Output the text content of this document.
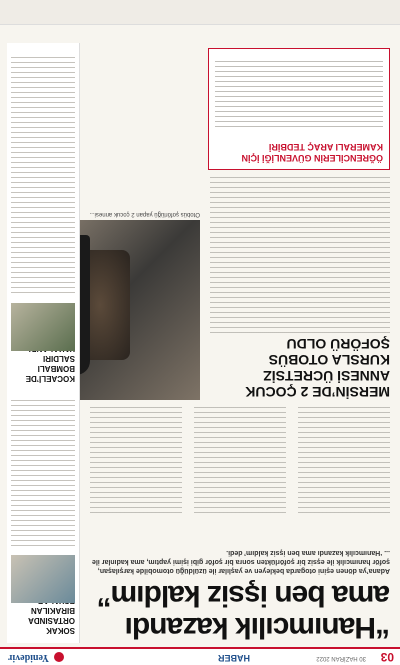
03
30 HAZİRAN 2022
HABER
Yenidevir
“Hanımcılık kazandı ama ben işsiz kaldım”
Adana’ya dönen eşini otogarda bekleyen ve yaşlılar ile üzüldüğü otomobilde karşılaşan, şoför hanımcılık ile eşsiz bir şoförlükten sonra bir şoför gibi işimi yaptım, ama kadınlar ile ... ‘Hanımcılık kazandı ama ben işsiz kaldım’ dedi.
Otobüs şoförlüğü yapan 2 çocuk annesi...
MERSİN’DE 2 ÇOCUK ANNESİ ÜCRETSİZ KURSLA OTOBÜS ŞOFÖRÜ OLDU
ÖĞRENCİLERİN GÜVENLİĞİ İÇİN KAMERALI ARAÇ TEDBİRİ
SOKAK ORTASINDA BIRAKILAN
KOCAELİ’DE BOMBALI SALDIRI
